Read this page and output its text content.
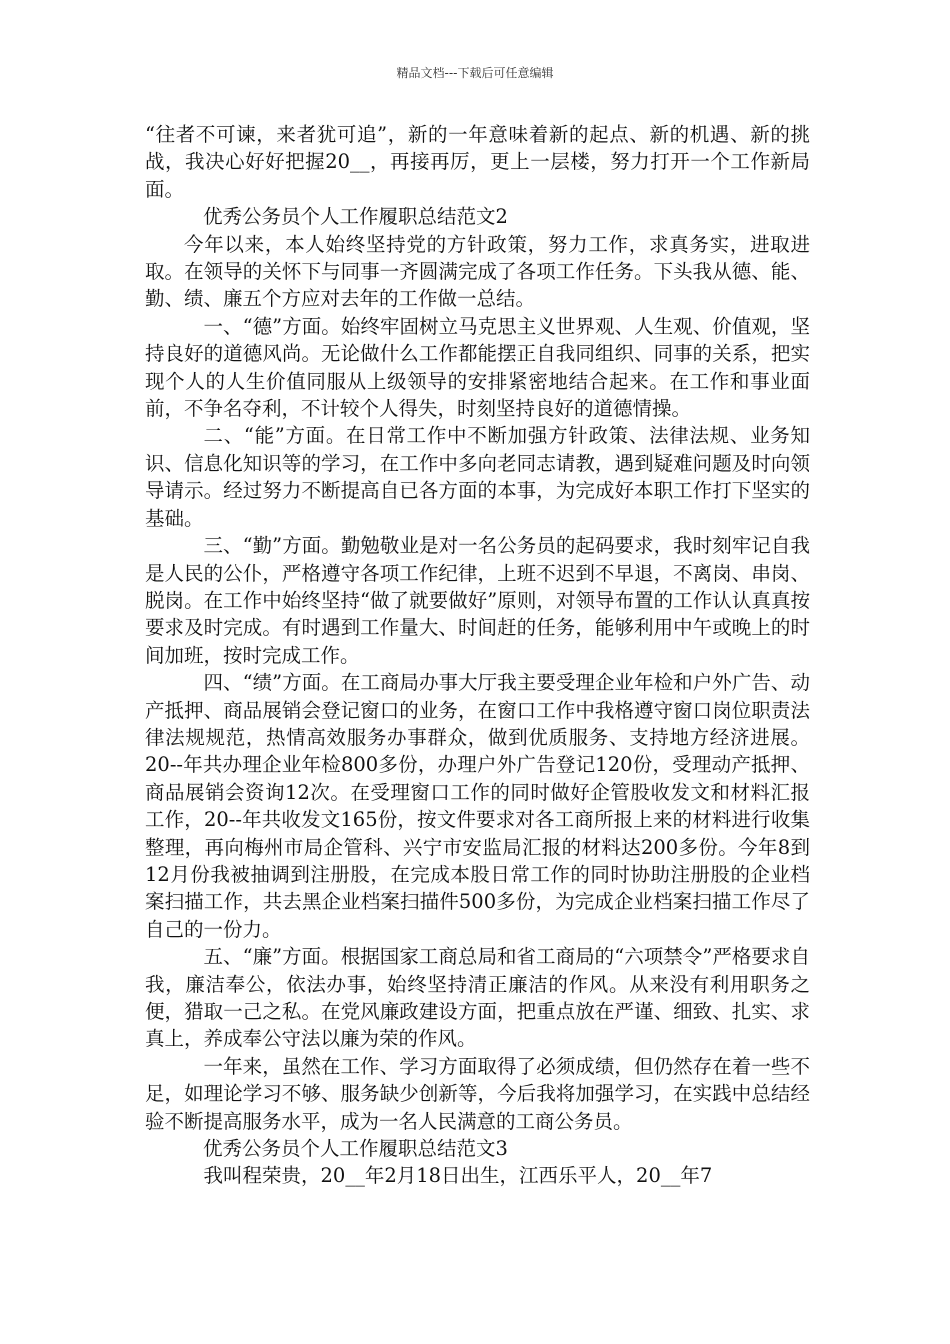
精品文档---下载后可任意编辑

“往者不可谏，来者犹可追”，新的一年意味着新的起点、新的机遇、新的挑战，我决心好好把握20__，再接再厉，更上一层楼，努力打开一个工作新局面。

优秀公务员个人工作履职总结范文2

今年以来，本人始终坚持党的方针政策，努力工作，求真务实，进取进取。在领导的关怀下与同事一齐圆满完成了各项工作任务。下头我从德、能、勤、绩、廉五个方应对去年的工作做一总结。

一、“德”方面。始终牢固树立马克思主义世界观、人生观、价值观，坚持良好的道德风尚。无论做什么工作都能摆正自我同组织、同事的关系，把实现个人的人生价值同服从上级领导的安排紧密地结合起来。在工作和事业面前，不争名夺利，不计较个人得失，时刻坚持良好的道德情操。

二、“能”方面。在日常工作中不断加强方针政策、法律法规、业务知识、信息化知识等的学习，在工作中多向老同志请教，遇到疑难问题及时向领导请示。经过努力不断提高自已各方面的本事，为完成好本职工作打下坚实的基础。

三、“勤”方面。勤勉敬业是对一名公务员的起码要求，我时刻牢记自我是人民的公仆，严格遵守各项工作纪律，上班不迟到不早退，不离岗、串岗、脱岗。在工作中始终坚持“做了就要做好”原则，对领导布置的工作认认真真按要求及时完成。有时遇到工作量大、时间赶的任务，能够利用中午或晚上的时间加班，按时完成工作。

四、“绩”方面。在工商局办事大厅我主要受理企业年检和户外广告、动产抵押、商品展销会登记窗口的业务，在窗口工作中我格遵守窗口岗位职责法律法规规范，热情高效服务办事群众，做到优质服务、支持地方经济进展。20--年共办理企业年检800多份，办理户外广告登记120份，受理动产抵押、商品展销会资询12次。在受理窗口工作的同时做好企管股收发文和材料汇报工作，20--年共收发文165份，按文件要求对各工商所报上来的材料进行收集整理，再向梅州市局企管科、兴宁市安监局汇报的材料达200多份。今年8到12月份我被抽调到注册股，在完成本股日常工作的同时协助注册股的企业档案扫描工作，共去黑企业档案扫描件500多份，为完成企业档案扫描工作尽了自己的一份力。

五、“廉”方面。根据国家工商总局和省工商局的“六项禁令”严格要求自我，廉洁奉公，依法办事，始终坚持清正廉洁的作风。从来没有利用职务之便，猎取一己之私。在党风廉政建设方面，把重点放在严谨、细致、扎实、求真上，养成奉公守法以廉为荣的作风。

一年来，虽然在工作、学习方面取得了必须成绩，但仍然存在着一些不足，如理论学习不够、服务缺少创新等，今后我将加强学习，在实践中总结经验不断提高服务水平，成为一名人民满意的工商公务员。

优秀公务员个人工作履职总结范文3

我叫程荣贵，20__年2月18日出生，江西乐平人，20__年7
